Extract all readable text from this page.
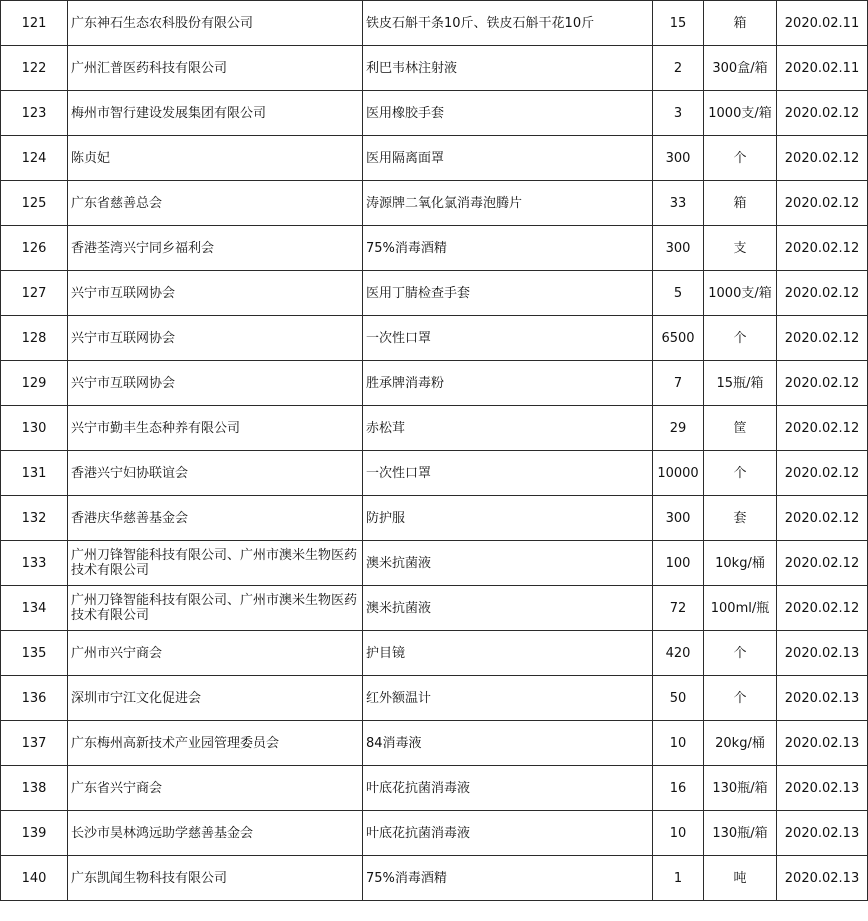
121	广东神石生态农科股份有限公司	铁皮石斛干条10斤、铁皮石斛干花10斤	15	箱	2020.02.11
122	广州汇普医药科技有限公司	利巴韦林注射液	2	300盒/箱	2020.02.11
123	梅州市智行建设发展集团有限公司	医用橡胶手套	3	1000支/箱	2020.02.12
124	陈贞妃	医用隔离面罩	300	个	2020.02.12
125	广东省慈善总会	涛源牌二氧化氯消毒泡腾片	33	箱	2020.02.12
126	香港荃湾兴宁同乡福利会	75%消毒酒精	300	支	2020.02.12
127	兴宁市互联网协会	医用丁腈检查手套	5	1000支/箱	2020.02.12
128	兴宁市互联网协会	一次性口罩	6500	个	2020.02.12
129	兴宁市互联网协会	胜承牌消毒粉	7	15瓶/箱	2020.02.12
130	兴宁市勤丰生态种养有限公司	赤松茸	29	筐	2020.02.12
131	香港兴宁妇协联谊会	一次性口罩	10000	个	2020.02.12
132	香港庆华慈善基金会	防护服	300	套	2020.02.12
133	广州刀锋智能科技有限公司、广州市澳米生物医药技术有限公司	澳米抗菌液	100	10kg/桶	2020.02.12
134	广州刀锋智能科技有限公司、广州市澳米生物医药技术有限公司	澳米抗菌液	72	100ml/瓶	2020.02.12
135	广州市兴宁商会	护目镜	420	个	2020.02.13
136	深圳市宁江文化促进会	红外额温计	50	个	2020.02.13
137	广东梅州高新技术产业园管理委员会	84消毒液	10	20kg/桶	2020.02.13
138	广东省兴宁商会	叶底花抗菌消毒液	16	130瓶/箱	2020.02.13
139	长沙市昊林鸿远助学慈善基金会	叶底花抗菌消毒液	10	130瓶/箱	2020.02.13
140	广东凯闻生物科技有限公司	75%消毒酒精	1	吨	2020.02.13
